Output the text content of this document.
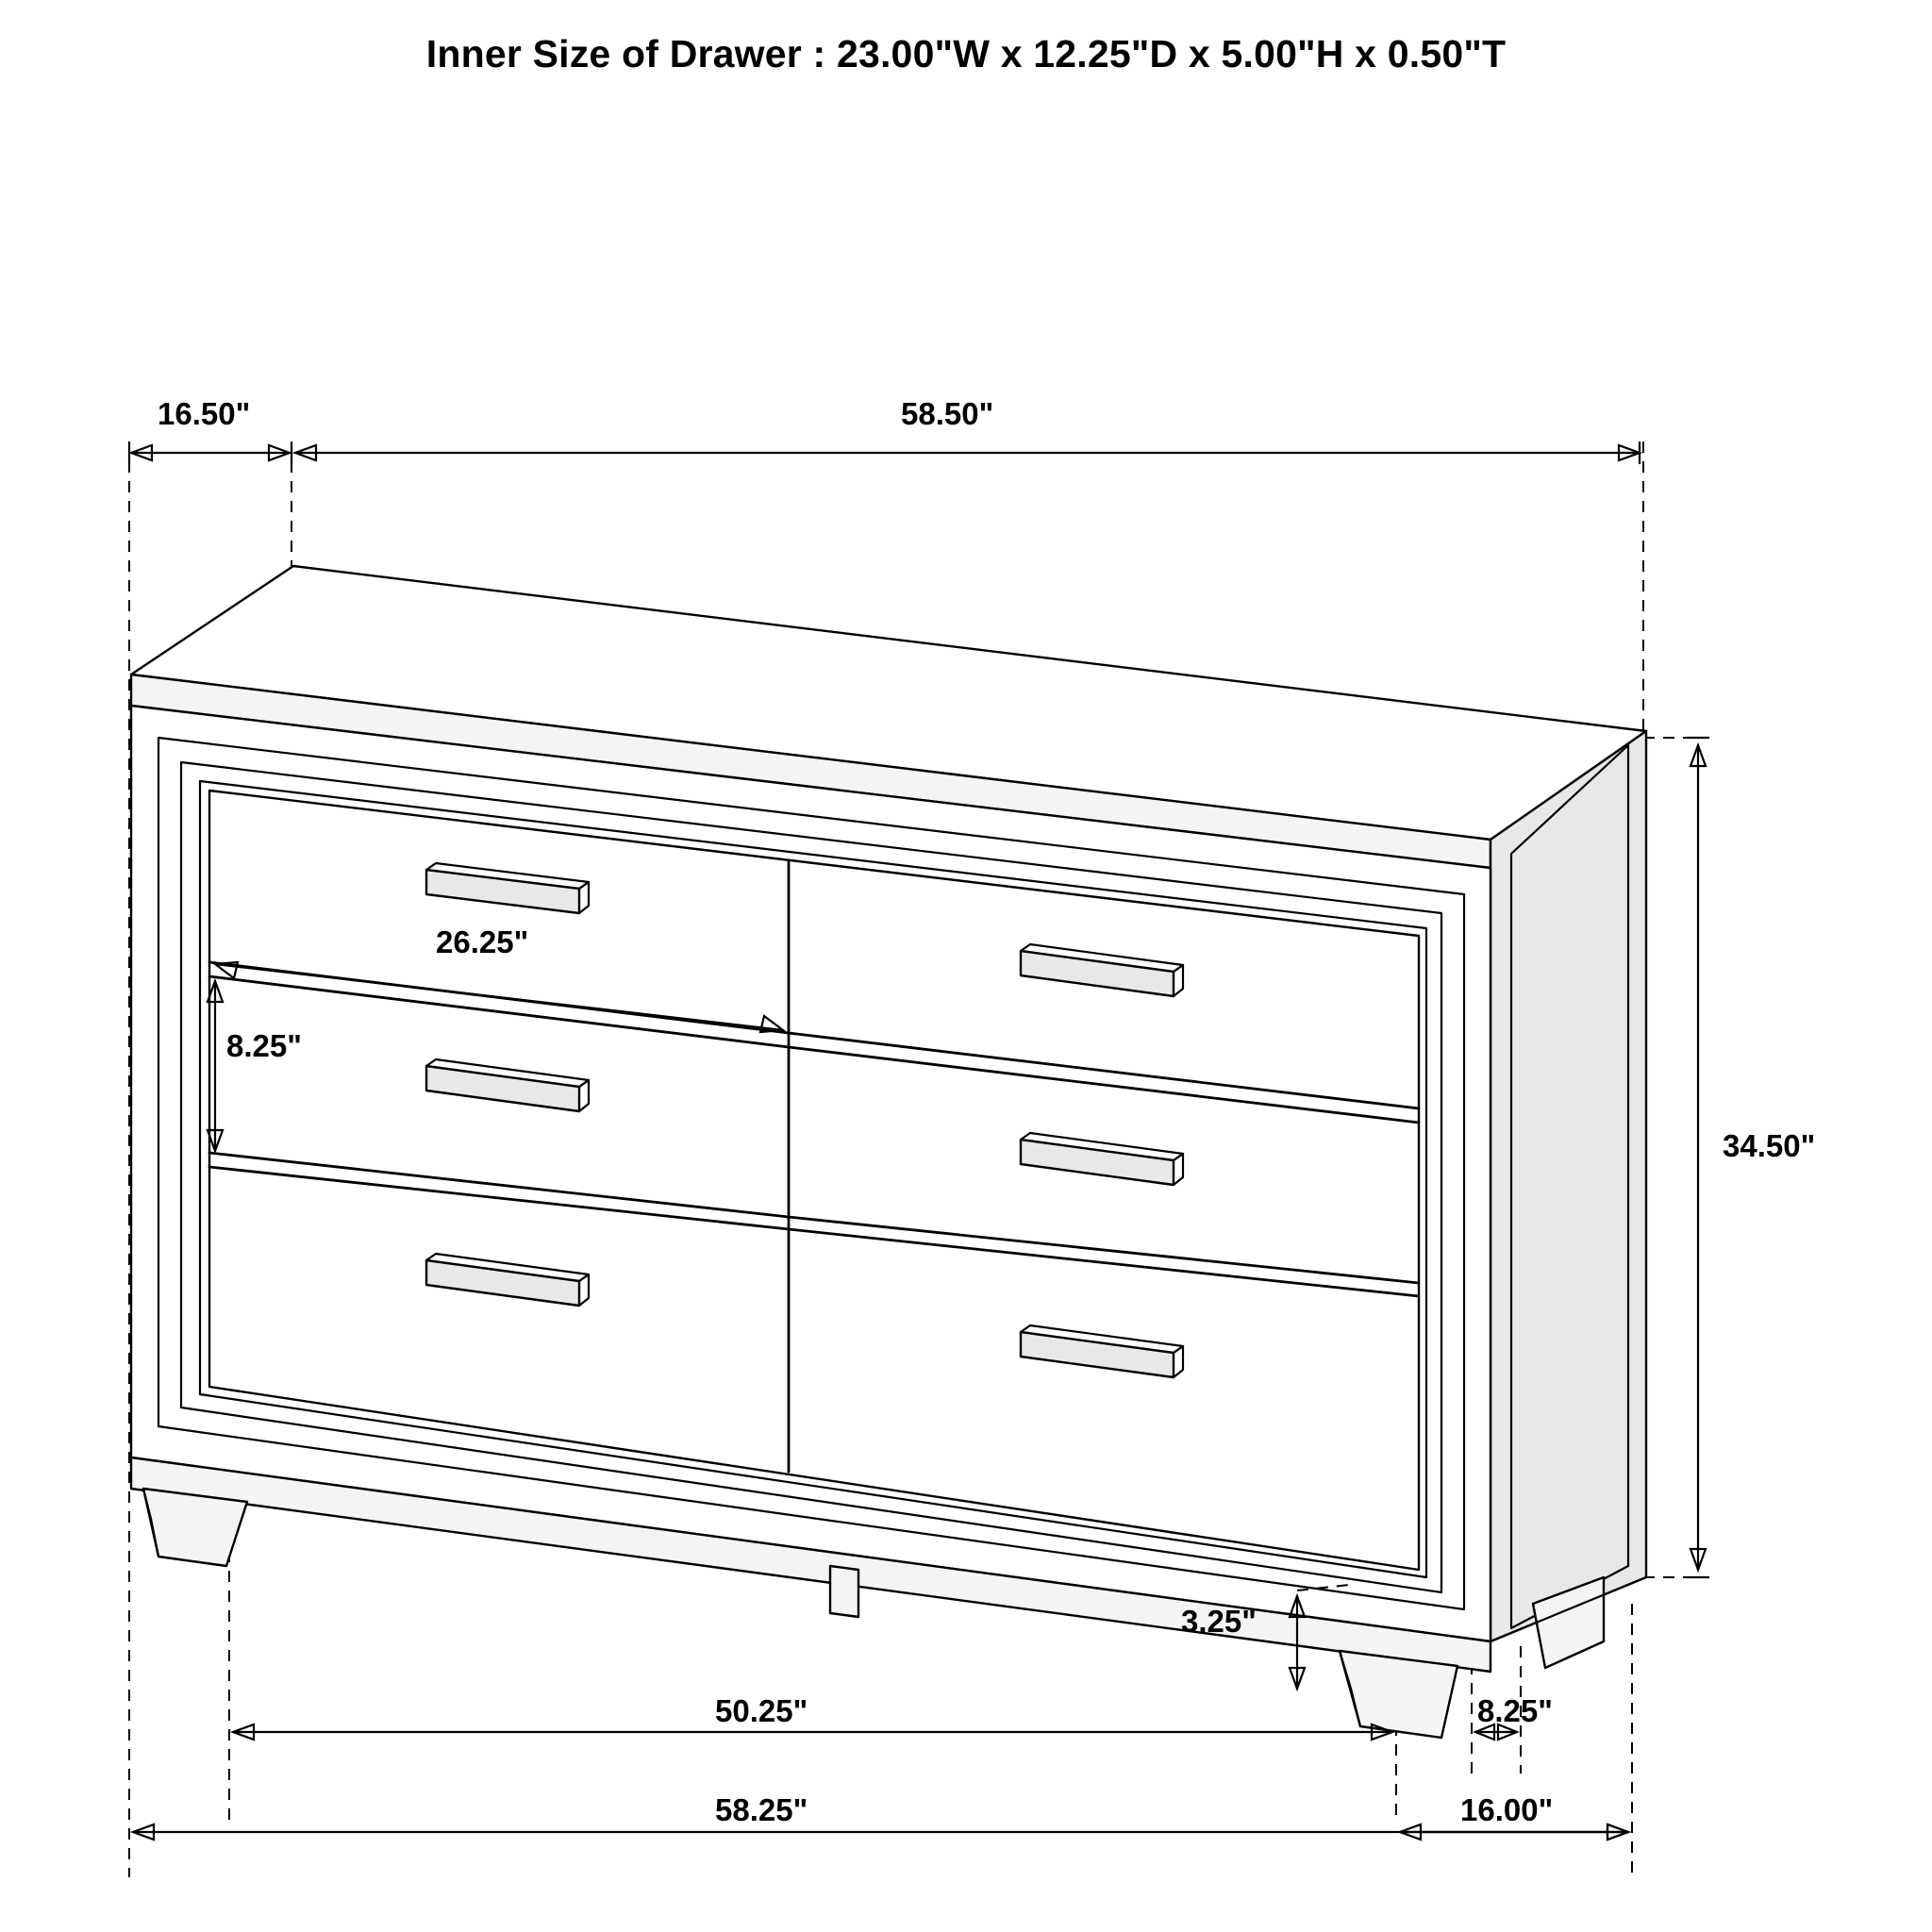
Inner Size of Drawer : 23.00"W x 12.25"D x 5.00"H x 0.50"T
16.50"	58.50"
26.25"
8.25"
34.50"
3.25"
50.25"	8.25"
58.25"	16.00"
